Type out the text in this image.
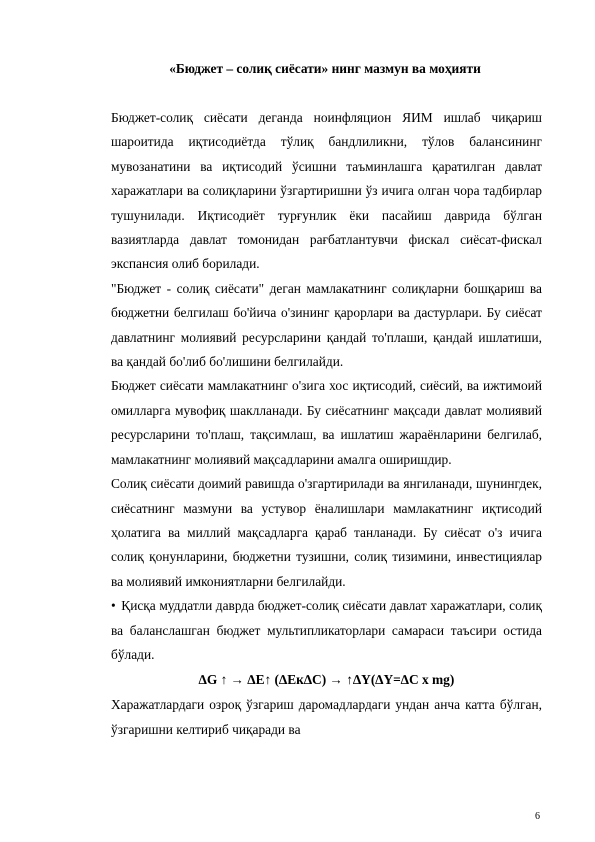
«Бюджет – солиқ сиёсати» нинг мазмун ва моҳияти

Бюджет-солиқ сиёсати деганда ноинфляцион ЯИМ ишлаб чиқариш шароитида иқтисодиётда тўлиқ бандлиликни, тўлов балансининг мувозанатини ва иқтисодий ўсишни таъминлашга қаратилган давлат харажатлари ва солиқларини ўзгартиришни ўз ичига олган чора тадбирлар тушунилади. Иқтисодиёт турғунлик ёки пасайиш даврида бўлган вазиятларда давлат томонидан рағбатлантувчи фискал сиёсат-фискал экспансия олиб борилади.

"Бюджет - солиқ сиёсати" деган мамлакатнинг солиқларни бошқариш ва бюджетни белгилаш бо'йича о'зининг қарорлари ва дастурлари. Бу сиёсат давлатнинг молиявий ресурсларини қандай то'плаши, қандай ишлатиши, ва қандай бо'либ бо'лишини белгилайди.

Бюджет сиёсати мамлакатнинг о'зига хос иқтисодий, сиёсий, ва ижтимоий омилларга мувофиқ шаклланади. Бу сиёсатнинг мақсади давлат молиявий ресурсларини то'плаш, тақсимлаш, ва ишлатиш жараёнларини белгилаб, мамлакатнинг молиявий мақсадларини амалга оширишдир.

Солиқ сиёсати доимий равишда о'згартирилади ва янгиланади, шунингдек, сиёсатнинг мазмуни ва устувор ёналишлари мамлакатнинг иқтисодий ҳолатига ва миллий мақсадларга қараб танланади. Бу сиёсат о'з ичига солиқ қонунларини, бюджетни тузишни, солиқ тизимини, инвестициялар ва молиявий имкониятларни белгилайди.

• Қисқа муддатли даврда бюджет-солиқ сиёсати давлат харажатлари, солиқ ва баланслашган бюджет мультипликаторлари самараси таъсири остида бўлади.

∆G ↑ → ∆E↑ (∆Eк∆C) → ↑∆Y(∆Y=∆C x mg)

Харажатлардаги озроқ ўзгариш даромадлардаги ундан анча катта бўлган, ўзгаришни келтириб чиқаради ва

6
